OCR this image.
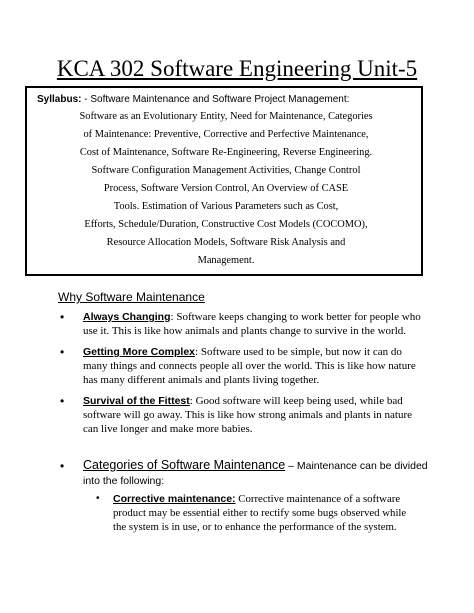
KCA 302 Software Engineering Unit-5
Syllabus: - Software Maintenance and Software Project Management:
Software as an Evolutionary Entity, Need for Maintenance, Categories
of Maintenance: Preventive, Corrective and Perfective Maintenance,
Cost of Maintenance, Software Re-Engineering, Reverse Engineering.
Software Configuration Management Activities, Change Control
Process, Software Version Control, An Overview of CASE
Tools. Estimation of Various Parameters such as Cost,
Efforts, Schedule/Duration, Constructive Cost Models (COCOMO),
Resource Allocation Models, Software Risk Analysis and
Management.
Why Software Maintenance
• Always Changing: Software keeps changing to work better for people who
use it. This is like how animals and plants change to survive in the world.
• Getting More Complex: Software used to be simple, but now it can do
many things and connects people all over the world. This is like how nature
has many different animals and plants living together.
• Survival of the Fittest: Good software will keep being used, while bad
software will go away. This is like how strong animals and plants in nature
can live longer and make more babies.
• Categories of Software Maintenance – Maintenance can be divided
into the following:
• Corrective maintenance: Corrective maintenance of a software
product may be essential either to rectify some bugs observed while
the system is in use, or to enhance the performance of the system.
